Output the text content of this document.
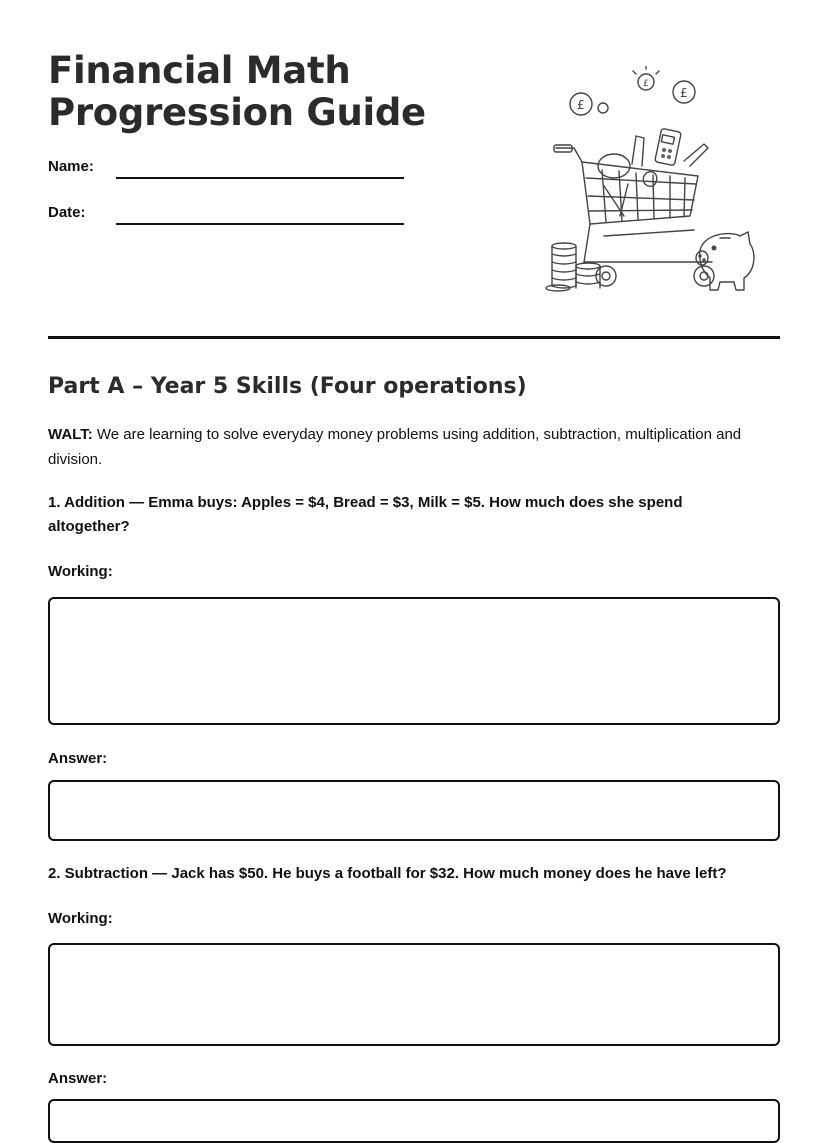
Financial Math
Progression Guide
Name:
Date:
£
£
£
Part A – Year 5 Skills (Four operations)
WALT: We are learning to solve everyday money problems using addition, subtraction, multiplication and division.
1. Addition — Emma buys: Apples = $4, Bread = $3, Milk = $5. How much does she spend altogether?
Working:
Answer:
2. Subtraction — Jack has $50. He buys a football for $32. How much money does he have left?
Working:
Answer:
